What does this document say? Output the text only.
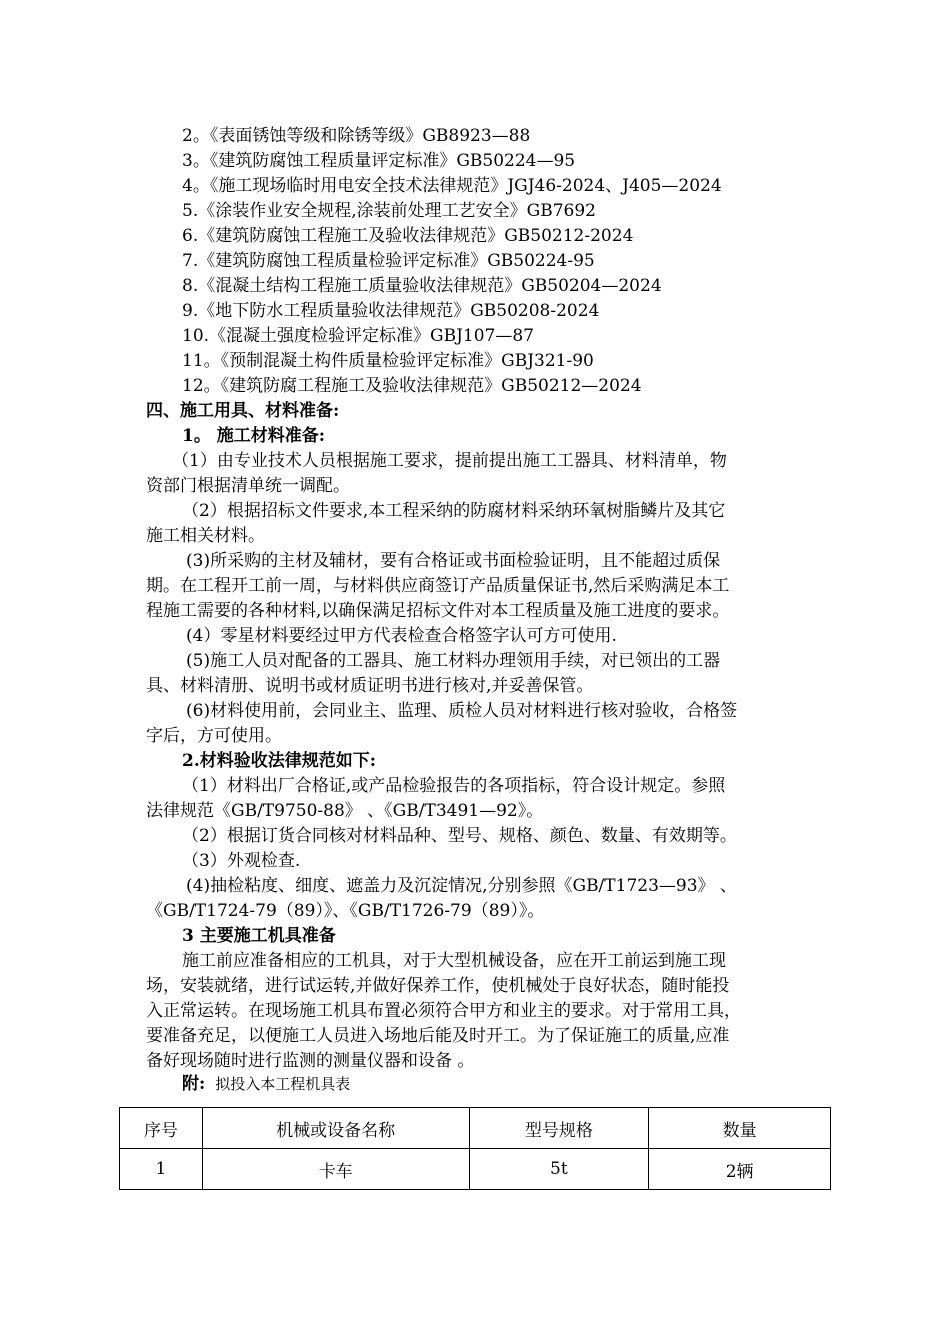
2。《表面锈蚀等级和除锈等级》GB8923—88
3。《建筑防腐蚀工程质量评定标准》GB50224—95
4。《施工现场临时用电安全技术法律规范》JGJ46-2024、J405—2024
5.《涂装作业安全规程,涂装前处理工艺安全》GB7692
6.《建筑防腐蚀工程施工及验收法律规范》GB50212-2024
7.《建筑防腐蚀工程质量检验评定标准》GB50224-95
8.《混凝土结构工程施工质量验收法律规范》GB50204—2024
9.《地下防水工程质量验收法律规范》GB50208-2024
10.《混凝土强度检验评定标准》GBJ107—87
11。《预制混凝土构件质量检验评定标准》GBJ321-90
12。《建筑防腐工程施工及验收法律规范》GB50212—2024
四、施工用具、材料准备:
1。 施工材料准备:
（1）由专业技术人员根据施工要求，提前提出施工工器具、材料清单，物
资部门根据清单统一调配。
（2）根据招标文件要求,本工程采纳的防腐材料采纳环氧树脂鳞片及其它
施工相关材料。
(3)所采购的主材及辅材，要有合格证或书面检验证明，且不能超过质保
期。在工程开工前一周，与材料供应商签订产品质量保证书,然后采购满足本工
程施工需要的各种材料,以确保满足招标文件对本工程质量及施工进度的要求。
(4）零星材料要经过甲方代表检查合格签字认可方可使用.
(5)施工人员对配备的工器具、施工材料办理领用手续，对已领出的工器
具、材料清册、说明书或材质证明书进行核对,并妥善保管。
(6)材料使用前，会同业主、监理、质检人员对材料进行核对验收，合格签
字后，方可使用。
2.材料验收法律规范如下:
（1）材料出厂合格证,或产品检验报告的各项指标，符合设计规定。参照
法律规范《GB/T9750-88》 、《GB/T3491—92》。
（2）根据订货合同核对材料品种、型号、规格、颜色、数量、有效期等。
（3）外观检查.
(4)抽检粘度、细度、遮盖力及沉淀情况,分别参照《GB/T1723—93》 、
《GB/T1724-79（89）》、《GB/T1726-79（89）》。
3 主要施工机具准备
施工前应准备相应的工机具，对于大型机械设备，应在开工前运到施工现
场，安装就绪，进行试运转,并做好保养工作，使机械处于良好状态，随时能投
入正常运转。在现场施工机具布置必须符合甲方和业主的要求。对于常用工具，
要准备充足，以便施工人员进入场地后能及时开工。为了保证施工的质量,应准
备好现场随时进行监测的测量仪器和设备 。
附: 拟投入本工程机具表
序号	机械或设备名称	型号规格	数量
1	卡车	5t	2辆
